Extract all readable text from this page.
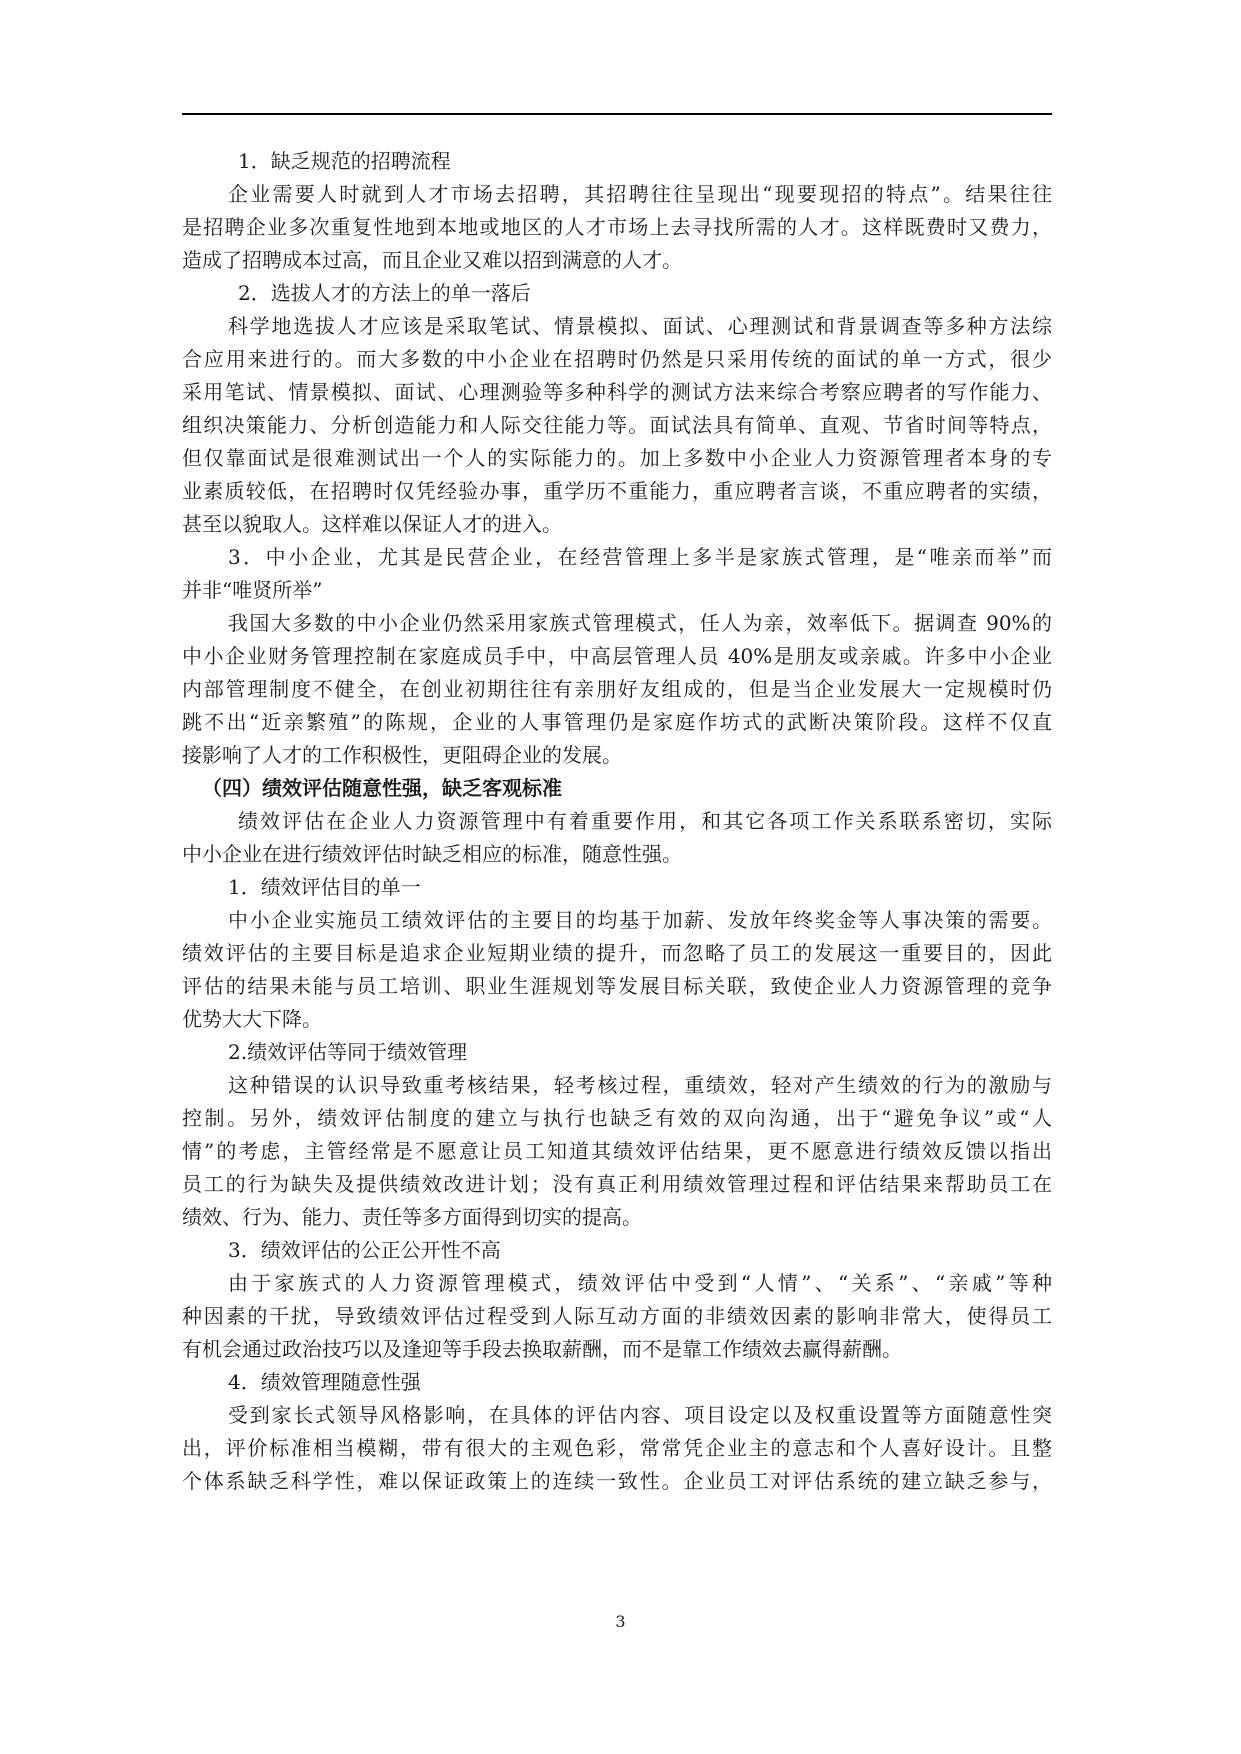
1．缺乏规范的招聘流程
企业需要人时就到人才市场去招聘，其招聘往往呈现出“现要现招的特点”。结果往往
是招聘企业多次重复性地到本地或地区的人才市场上去寻找所需的人才。这样既费时又费力，
造成了招聘成本过高，而且企业又难以招到满意的人才。
2．选拔人才的方法上的单一落后
科学地选拔人才应该是采取笔试、情景模拟、面试、心理测试和背景调查等多种方法综
合应用来进行的。而大多数的中小企业在招聘时仍然是只采用传统的面试的单一方式，很少
采用笔试、情景模拟、面试、心理测验等多种科学的测试方法来综合考察应聘者的写作能力、
组织决策能力、分析创造能力和人际交往能力等。面试法具有简单、直观、节省时间等特点，
但仅靠面试是很难测试出一个人的实际能力的。加上多数中小企业人力资源管理者本身的专
业素质较低，在招聘时仅凭经验办事，重学历不重能力，重应聘者言谈，不重应聘者的实绩，
甚至以貌取人。这样难以保证人才的进入。
3．中小企业，尤其是民营企业，在经营管理上多半是家族式管理，是“唯亲而举”而
并非“唯贤所举”
我国大多数的中小企业仍然采用家族式管理模式，任人为亲，效率低下。据调查 90%的
中小企业财务管理控制在家庭成员手中，中高层管理人员 40%是朋友或亲戚。许多中小企业
内部管理制度不健全，在创业初期往往有亲朋好友组成的，但是当企业发展大一定规模时仍
跳不出“近亲繁殖”的陈规，企业的人事管理仍是家庭作坊式的武断决策阶段。这样不仅直
接影响了人才的工作积极性，更阻碍企业的发展。
（四）绩效评估随意性强，缺乏客观标准
绩效评估在企业人力资源管理中有着重要作用，和其它各项工作关系联系密切，实际
中小企业在进行绩效评估时缺乏相应的标准，随意性强。
1．绩效评估目的单一
中小企业实施员工绩效评估的主要目的均基于加薪、发放年终奖金等人事决策的需要。
绩效评估的主要目标是追求企业短期业绩的提升，而忽略了员工的发展这一重要目的，因此
评估的结果未能与员工培训、职业生涯规划等发展目标关联，致使企业人力资源管理的竞争
优势大大下降。
2.绩效评估等同于绩效管理
这种错误的认识导致重考核结果，轻考核过程，重绩效，轻对产生绩效的行为的激励与
控制。另外，绩效评估制度的建立与执行也缺乏有效的双向沟通，出于“避免争议”或“人
情”的考虑，主管经常是不愿意让员工知道其绩效评估结果，更不愿意进行绩效反馈以指出
员工的行为缺失及提供绩效改进计划；没有真正利用绩效管理过程和评估结果来帮助员工在
绩效、行为、能力、责任等多方面得到切实的提高。
3．绩效评估的公正公开性不高
由于家族式的人力资源管理模式，绩效评估中受到“人情”、“关系”、“亲戚”等种
种因素的干扰，导致绩效评估过程受到人际互动方面的非绩效因素的影响非常大，使得员工
有机会通过政治技巧以及逢迎等手段去换取薪酬，而不是靠工作绩效去赢得薪酬。
4．绩效管理随意性强
受到家长式领导风格影响，在具体的评估内容、项目设定以及权重设置等方面随意性突
出，评价标准相当模糊，带有很大的主观色彩，常常凭企业主的意志和个人喜好设计。且整
个体系缺乏科学性，难以保证政策上的连续一致性。企业员工对评估系统的建立缺乏参与，
3
